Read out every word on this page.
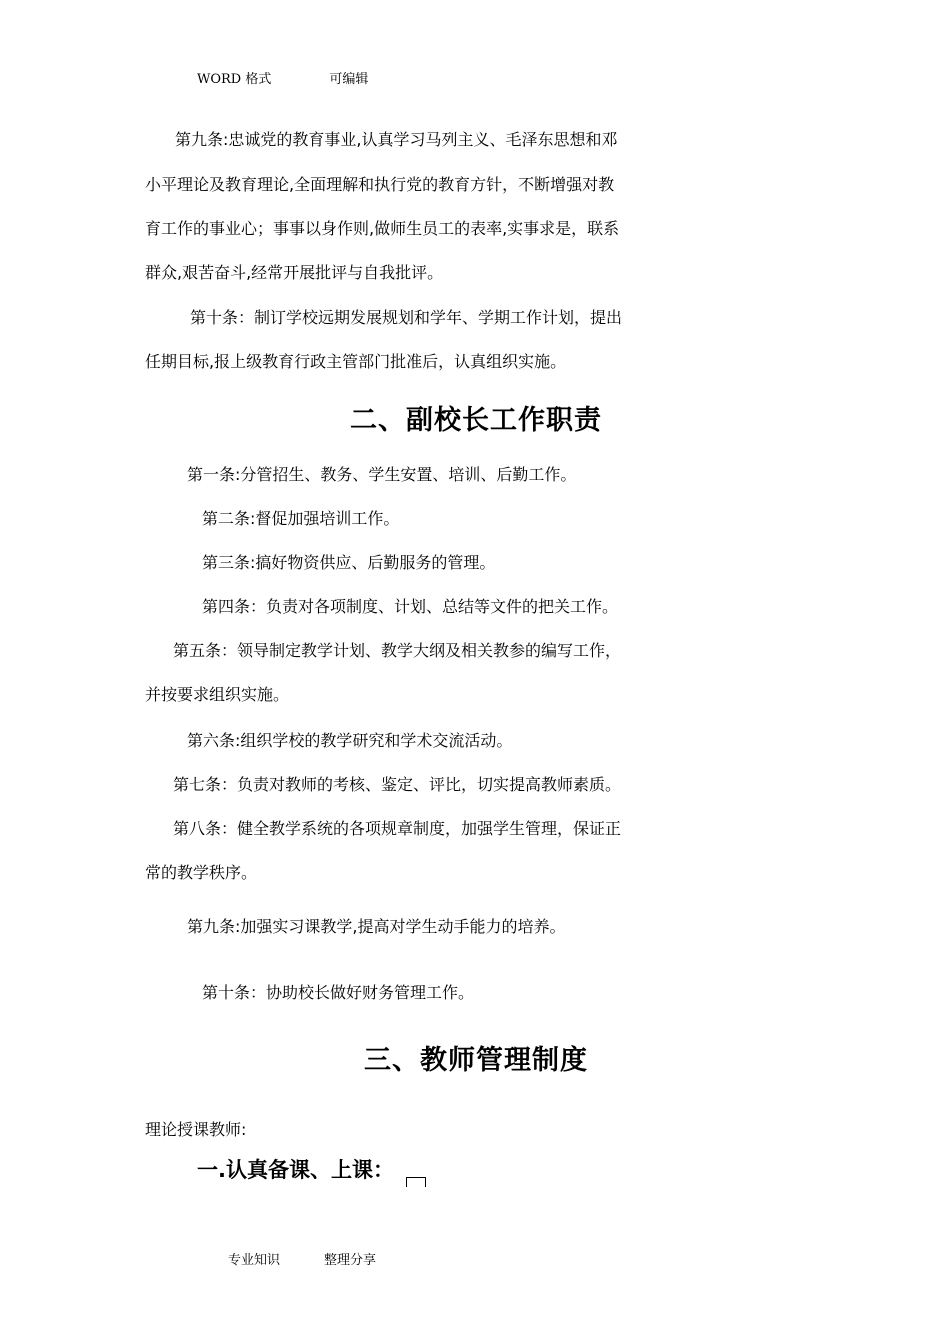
WORD 格式	可编辑
第九条:忠诚党的教育事业,认真学习马列主义、毛泽东思想和邓
小平理论及教育理论,全面理解和执行党的教育方针，不断增强对教
育工作的事业心；事事以身作则,做师生员工的表率,实事求是，联系
群众,艰苦奋斗,经常开展批评与自我批评。
第十条：制订学校远期发展规划和学年、学期工作计划，提出
任期目标,报上级教育行政主管部门批准后，认真组织实施。
二、副校长工作职责
第一条:分管招生、教务、学生安置、培训、后勤工作。
第二条:督促加强培训工作。
第三条:搞好物资供应、后勤服务的管理。
第四条：负责对各项制度、计划、总结等文件的把关工作。
第五条：领导制定教学计划、教学大纲及相关教参的编写工作，
并按要求组织实施。
第六条:组织学校的教学研究和学术交流活动。
第七条：负责对教师的考核、鉴定、评比，切实提高教师素质。
第八条：健全教学系统的各项规章制度，加强学生管理，保证正
常的教学秩序。
第九条:加强实习课教学,提高对学生动手能力的培养。
第十条：协助校长做好财务管理工作。
三、教师管理制度
理论授课教师:
一.认真备课、上课：
专业知识	整理分享
